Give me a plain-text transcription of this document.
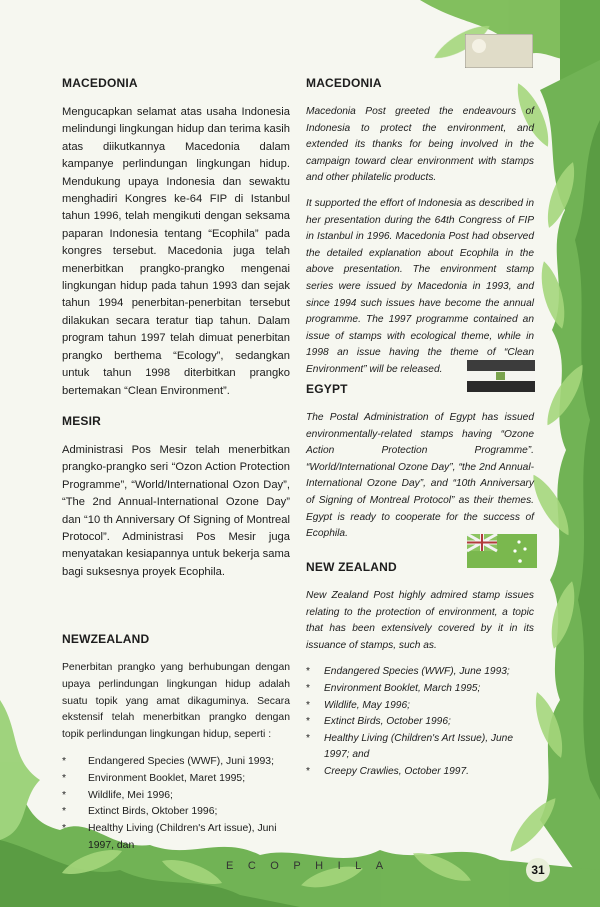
MACEDONIA

Mengucapkan selamat atas usaha Indonesia melindungi lingkungan hidup dan terima kasih atas diikutkannya Macedonia dalam kampanye perlindungan lingkungan hidup. Mendukung upaya Indonesia dan sewaktu menghadiri Kongres ke-64 FIP di Istanbul tahun 1996, telah mengikuti dengan seksama paparan Indonesia tentang “Ecophila” pada kongres tersebut. Macedonia juga telah menerbitkan prangko-prangko mengenai lingkungan hidup pada tahun 1993 dan sejak tahun 1994 penerbitan-penerbitan tersebut dilakukan secara teratur tiap tahun. Dalam program tahun 1997 telah dimuat penerbitan prangko berthema “Ecology”, sedangkan untuk tahun 1998 diterbitkan prangko bertemakan “Clean Environment”.

MESIR

Administrasi Pos Mesir telah menerbitkan prangko-prangko seri “Ozon Action Protection Programme”, “World/International Ozon Day”, “The 2nd Annual-International Ozone Day” dan “10 th Anniversary Of Signing of Montreal Protocol”. Administrasi Pos Mesir juga menyatakan kesiapannya untuk bekerja sama bagi suksesnya proyek Ecophila.

NEWZEALAND

Penerbitan prangko yang berhubungan dengan upaya perlindungan lingkungan hidup adalah suatu topik yang amat dikaguminya. Secara ekstensif telah menerbitkan prangko dengan topik perlindungan lingkungan hidup, seperti :

* Endangered Species (WWF), Juni 1993;
* Environment Booklet, Maret 1995;
* Wildlife, Mei 1996;
* Extinct Birds, Oktober 1996;
* Healthy Living (Children's Art issue), Juni 1997, dan
MACEDONIA

Macedonia Post greeted the endeavours of Indonesia to protect the environment, and extended its thanks for being involved in the campaign toward clear environment with stamps and other philatelic products.

It supported the effort of Indonesia as described in her presentation during the 64th Congress of FIP in Istanbul in 1996. Macedonia Post had observed the detailed explanation about Ecophila in the above presentation. The environment stamp series were issued by Macedonia in 1993, and since 1994 such issues have become the annual programme. The 1997 programme contained an issue of stamps with ecological theme, while in 1998 an issue having the theme of “Clean Environment” will be released.

EGYPT

The Postal Administration of Egypt has issued environmentally-related stamps having “Ozone Action Protection Programme”. “World/International Ozone Day”, “the 2nd Annual-International Ozone Day”, and “10th Anniversary of Signing of Montreal Protocol” as their themes. Egypt is ready to cooperate for the success of Ecophila.

NEW ZEALAND

New Zealand Post highly admired stamp issues relating to the protection of environment, a topic that has been extensively covered by it in its issuance of stamps, such as.

* Endangered Species (WWF), June 1993;
* Environment Booklet, March 1995;
* Wildlife, May 1996;
* Extinct Birds, October 1996;
* Healthy Living (Children's Art Issue), June 1997; and
* Creepy Crawlies, October 1997.
ECOPHILA	31
